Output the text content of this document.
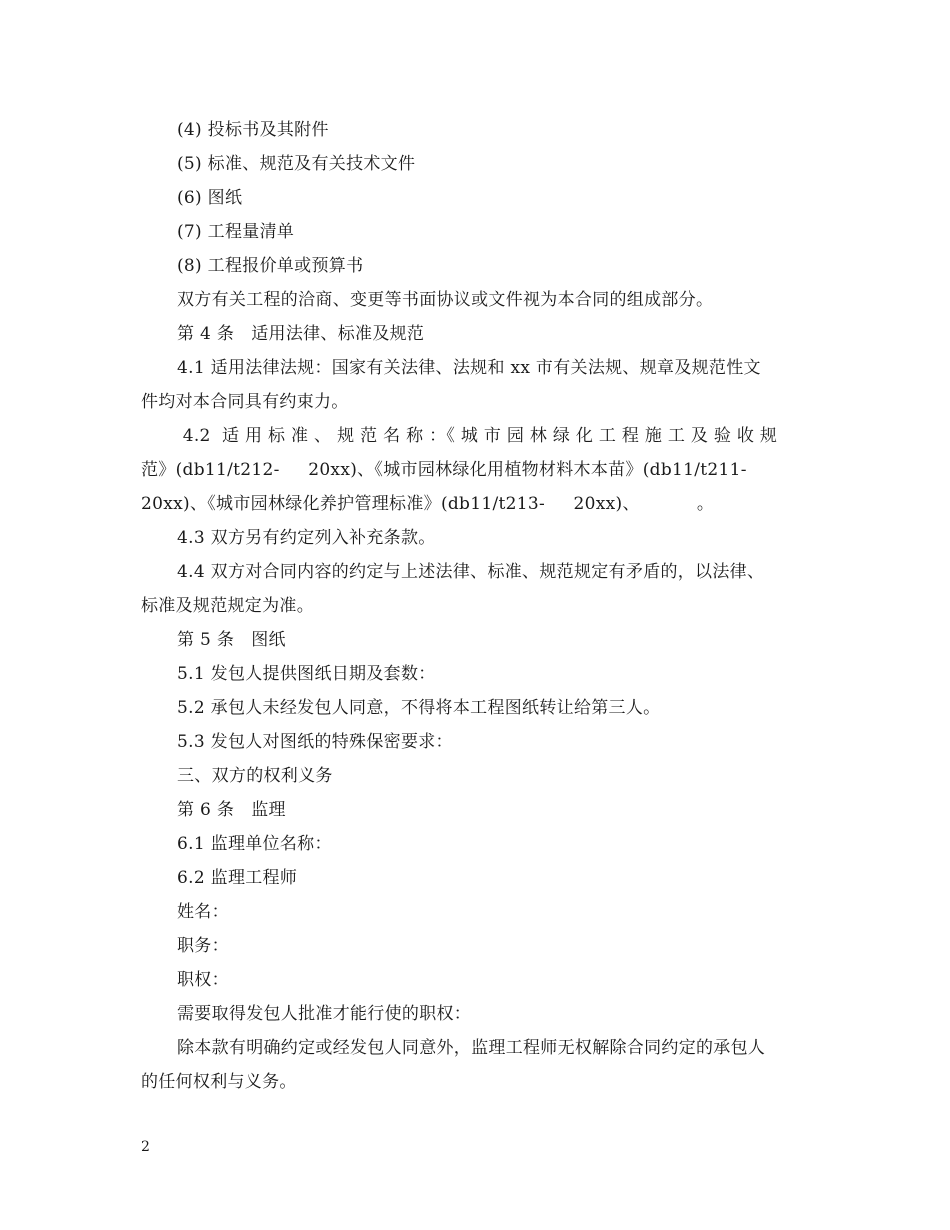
(4) 投标书及其附件
(5) 标准、规范及有关技术文件
(6) 图纸
(7) 工程量清单
(8) 工程报价单或预算书
双方有关工程的洽商、变更等书面协议或文件视为本合同的组成部分。
第 4 条   适用法律、标准及规范
4.1 适用法律法规：国家有关法律、法规和 xx 市有关法规、规章及规范性文
件均对本合同具有约束力。
4.2  适 用 标 准 、 规 范 名 称 ：《 城 市 园 林 绿 化 工 程 施 工 及 验 收 规
范》(db11/t212-     20xx)、《城市园林绿化用植物材料木本苗》(db11/t211-
20xx)、《城市园林绿化养护管理标准》(db11/t213-     20xx)、          。
4.3 双方另有约定列入补充条款。
4.4 双方对合同内容的约定与上述法律、标准、规范规定有矛盾的，以法律、
标准及规范规定为准。
第 5 条   图纸
5.1 发包人提供图纸日期及套数：
5.2 承包人未经发包人同意，不得将本工程图纸转让给第三人。
5.3 发包人对图纸的特殊保密要求：
三、双方的权利义务
第 6 条   监理
6.1 监理单位名称：
6.2 监理工程师
姓名：
职务：
职权：
需要取得发包人批准才能行使的职权：
除本款有明确约定或经发包人同意外，监理工程师无权解除合同约定的承包人
的任何权利与义务。
2
